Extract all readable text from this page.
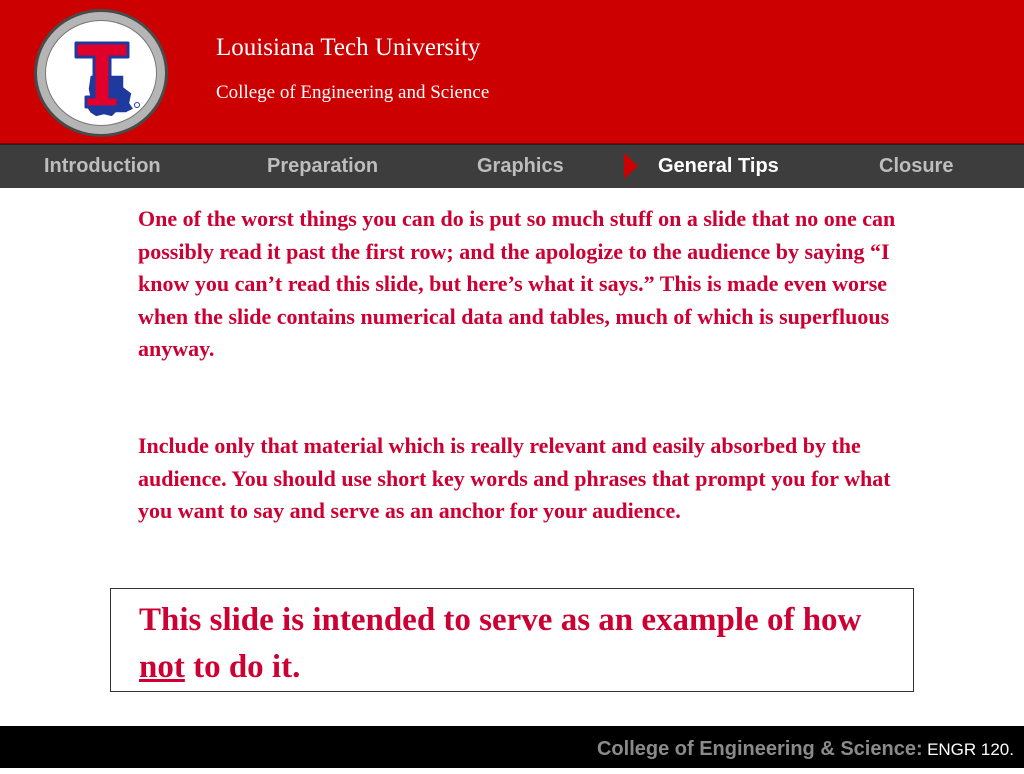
Louisiana Tech University
College of Engineering and Science
Introduction	Preparation	Graphics	General Tips	Closure

One of the worst things you can do is put so much stuff on a slide that no one can possibly read it past the first row; and the apologize to the audience by saying “I know you can’t read this slide, but here’s what it says.” This is made even worse when the slide contains numerical data and tables, much of which is superfluous anyway.

Include only that material which is really relevant and easily absorbed by the audience. You should use short key words and phrases that prompt you for what you want to say and serve as an anchor for your audience.

This slide is intended to serve as an example of how not to do it.

College of Engineering & Science: ENGR 120.
